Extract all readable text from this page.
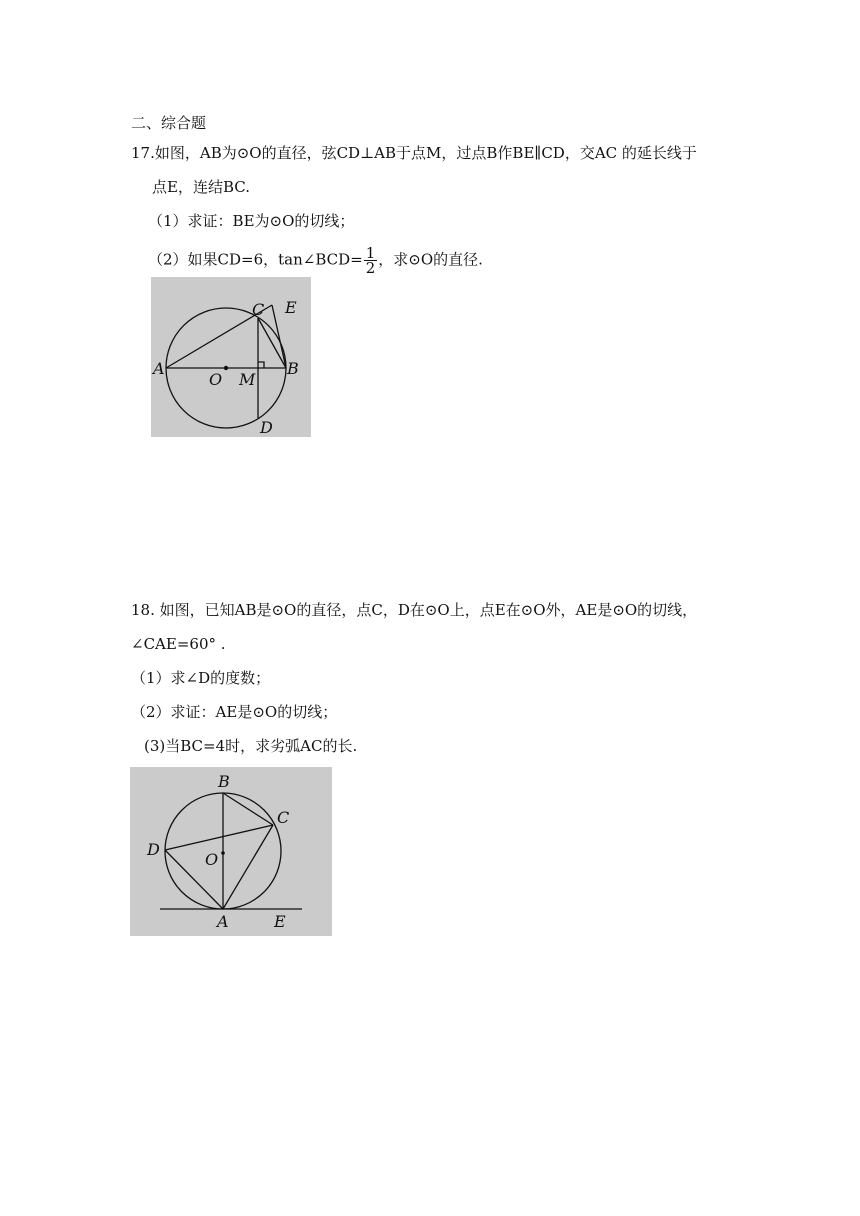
二、综合题
17.如图，AB为⊙O的直径，弦CD⊥AB于点M，过点B作BE∥CD，交AC 的延长线于
点E，连结BC.
（1）求证：BE为⊙O的切线；
（2）如果CD=6，tan∠BCD= $\frac{1}{2}$ ，求⊙O的直径.
A
O M
B
C E
D
18. 如图，已知AB是⊙O的直径，点C，D在⊙O上，点E在⊙O外，AE是⊙O的切线，
∠CAE=60° .
（1）求∠D的度数；
（2）求证：AE是⊙O的切线；
(3)当BC=4时，求劣弧AC的长.
B
C
D
O
A	E
